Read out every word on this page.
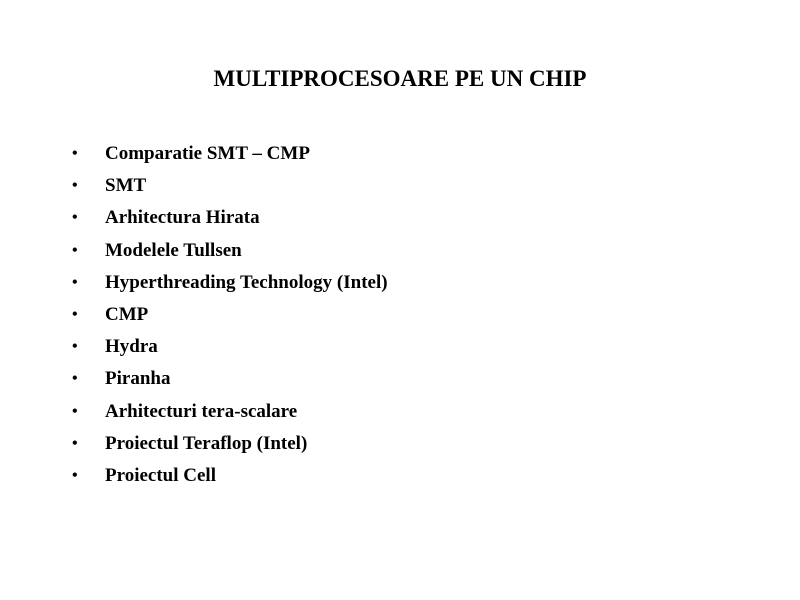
MULTIPROCESOARE PE UN CHIP
• Comparatie SMT – CMP
• SMT
• Arhitectura Hirata
• Modelele Tullsen
• Hyperthreading Technology (Intel)
• CMP
• Hydra
• Piranha
• Arhitecturi tera-scalare
• Proiectul Teraflop (Intel)
• Proiectul Cell
